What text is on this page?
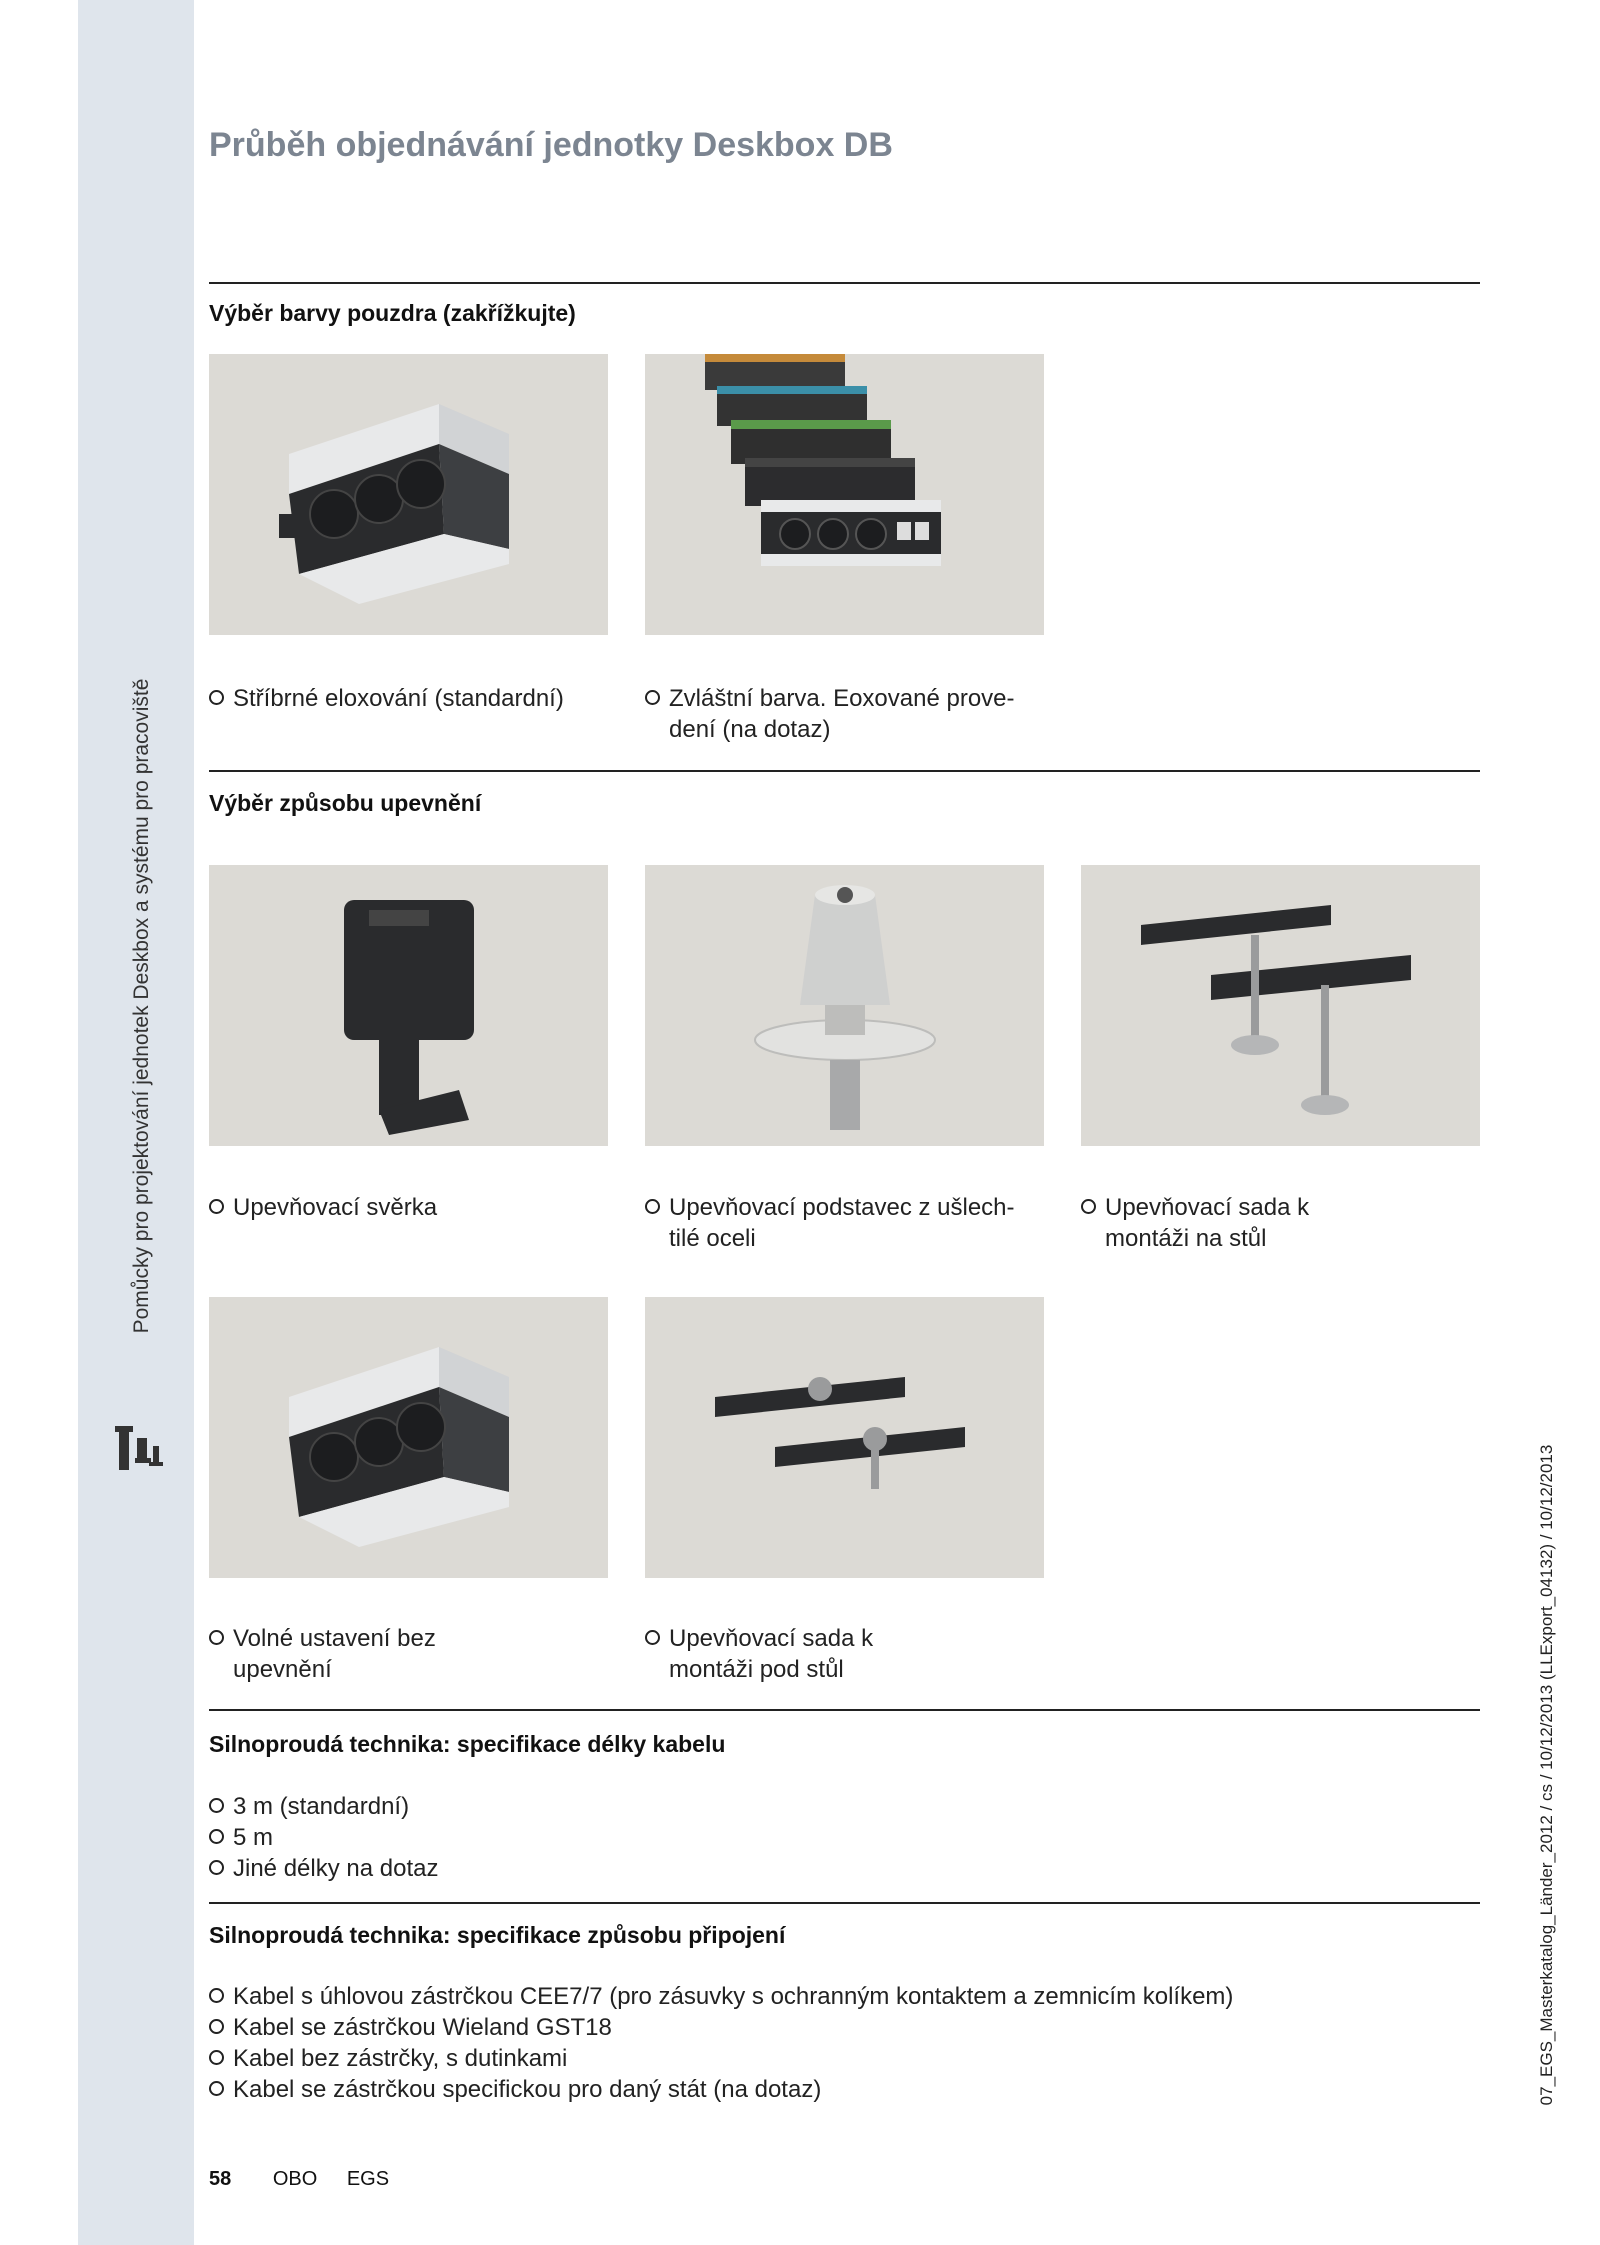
Pomůcky pro projektování jednotek Deskbox a systému pro pracoviště
07_EGS_Masterkatalog_Länder_2012 / cs / 10/12/2013 (LLExport_04132) / 10/12/2013
Průběh objednávání jednotky Deskbox DB
Výběr barvy pouzdra (zakřížkujte)
Stříbrné eloxování (standardní)	Zvláštní barva. Eoxované prove-
dení (na dotaz)
Výběr způsobu upevnění
Upevňovací svěrka	Upevňovací podstavec z ušlech-
tilé oceli
Upevňovací sada k
montáži na stůl
Volné ustavení bez
upevnění
Upevňovací sada k
montáži pod stůl
Silnoproudá technika: specifikace délky kabelu
3 m (standardní)
5 m
Jiné délky na dotaz
Silnoproudá technika: specifikace způsobu připojení
Kabel s úhlovou zástrčkou CEE7/7 (pro zásuvky s ochranným kontaktem a zemnicím kolíkem)
Kabel se zástrčkou Wieland GST18
Kabel bez zástrčky, s dutinkami
Kabel se zástrčkou specifickou pro daný stát (na dotaz)
58 OBO EGS
